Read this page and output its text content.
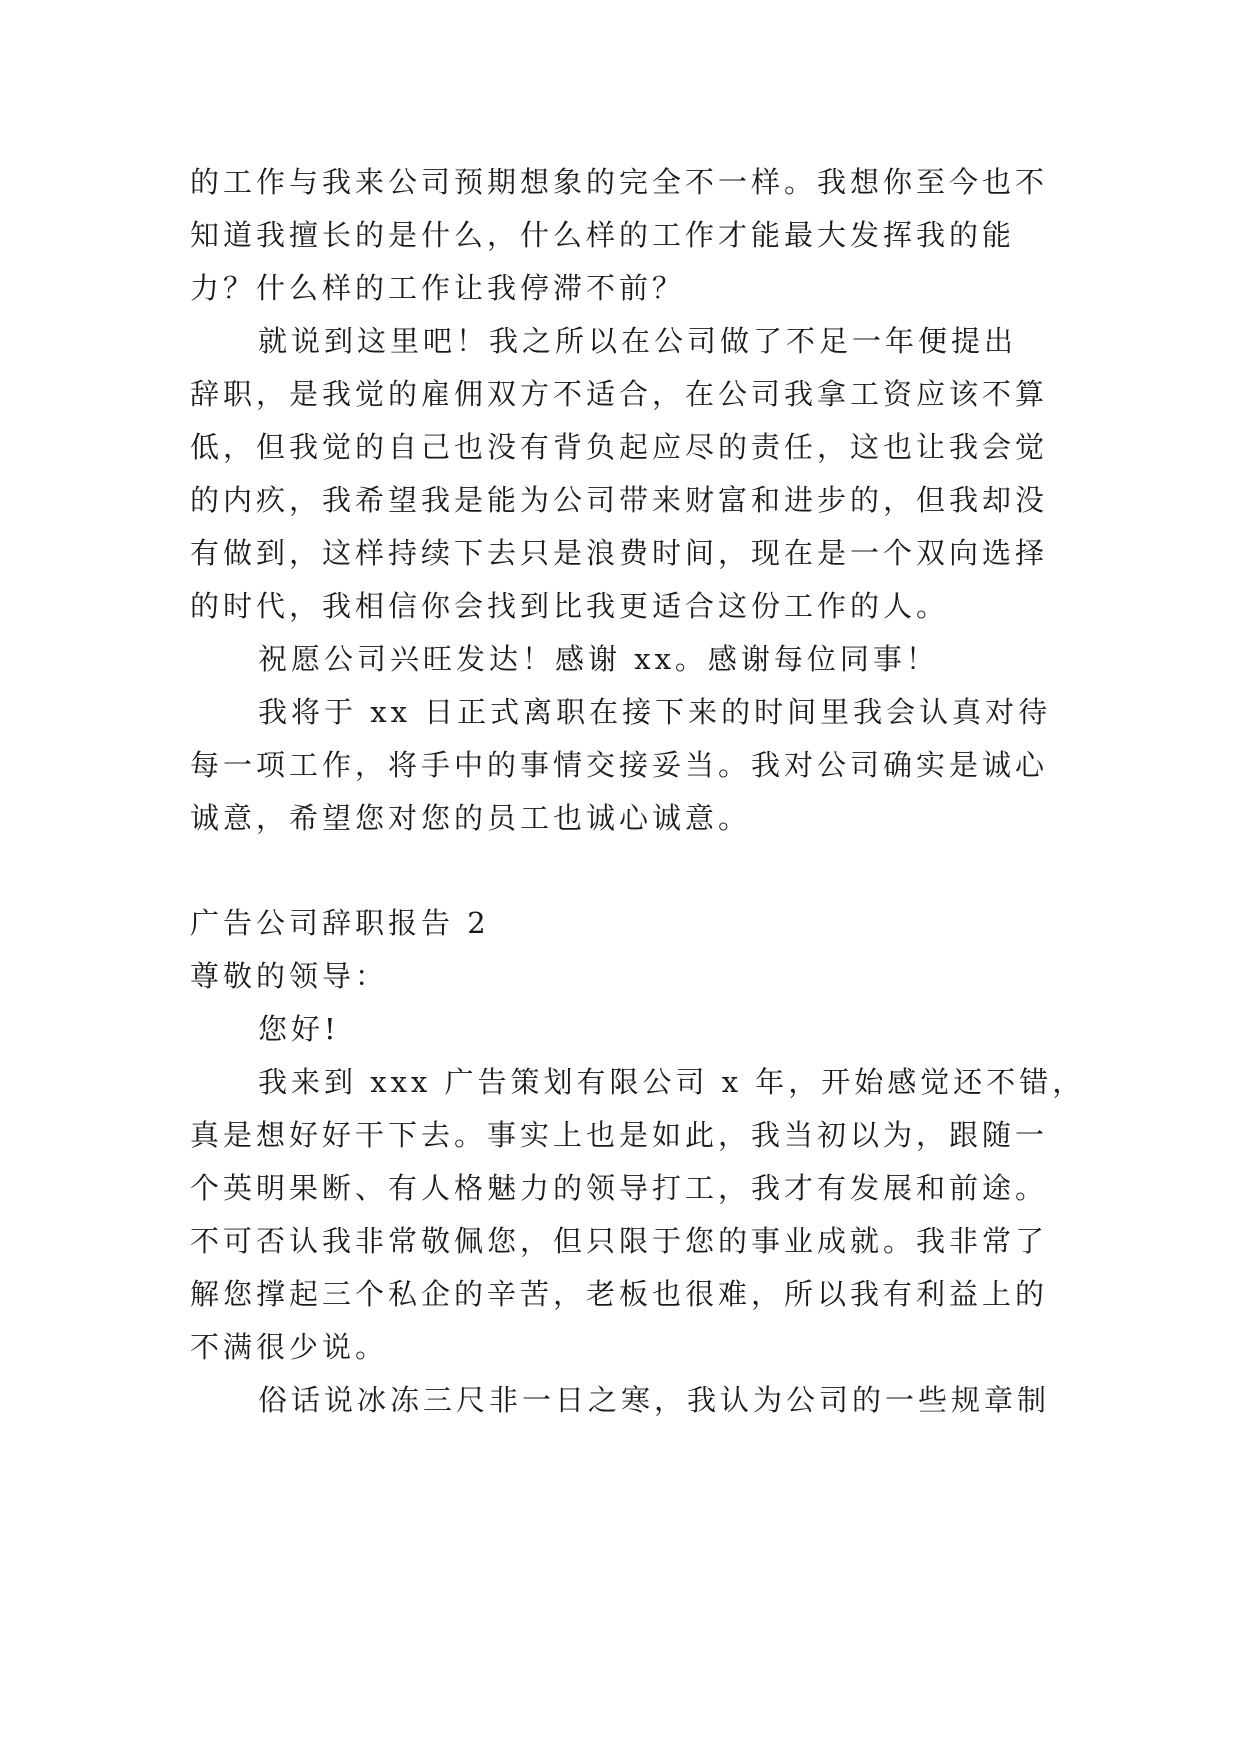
的工作与我来公司预期想象的完全不一样。我想你至今也不
知道我擅长的是什么，什么样的工作才能最大发挥我的能
力？什么样的工作让我停滞不前？
就说到这里吧！我之所以在公司做了不足一年便提出
辞职，是我觉的雇佣双方不适合，在公司我拿工资应该不算
低，但我觉的自己也没有背负起应尽的责任，这也让我会觉
的内疚，我希望我是能为公司带来财富和进步的，但我却没
有做到，这样持续下去只是浪费时间，现在是一个双向选择
的时代，我相信你会找到比我更适合这份工作的人。
祝愿公司兴旺发达！感谢 xx。感谢每位同事！
我将于 xx 日正式离职在接下来的时间里我会认真对待
每一项工作，将手中的事情交接妥当。我对公司确实是诚心
诚意，希望您对您的员工也诚心诚意。
广告公司辞职报告 2
尊敬的领导：
您好!
我来到 xxx 广告策划有限公司 x 年，开始感觉还不错，
真是想好好干下去。事实上也是如此，我当初以为，跟随一
个英明果断、有人格魅力的领导打工，我才有发展和前途。
不可否认我非常敬佩您，但只限于您的事业成就。我非常了
解您撑起三个私企的辛苦，老板也很难，所以我有利益上的
不满很少说。
俗话说冰冻三尺非一日之寒，我认为公司的一些规章制
